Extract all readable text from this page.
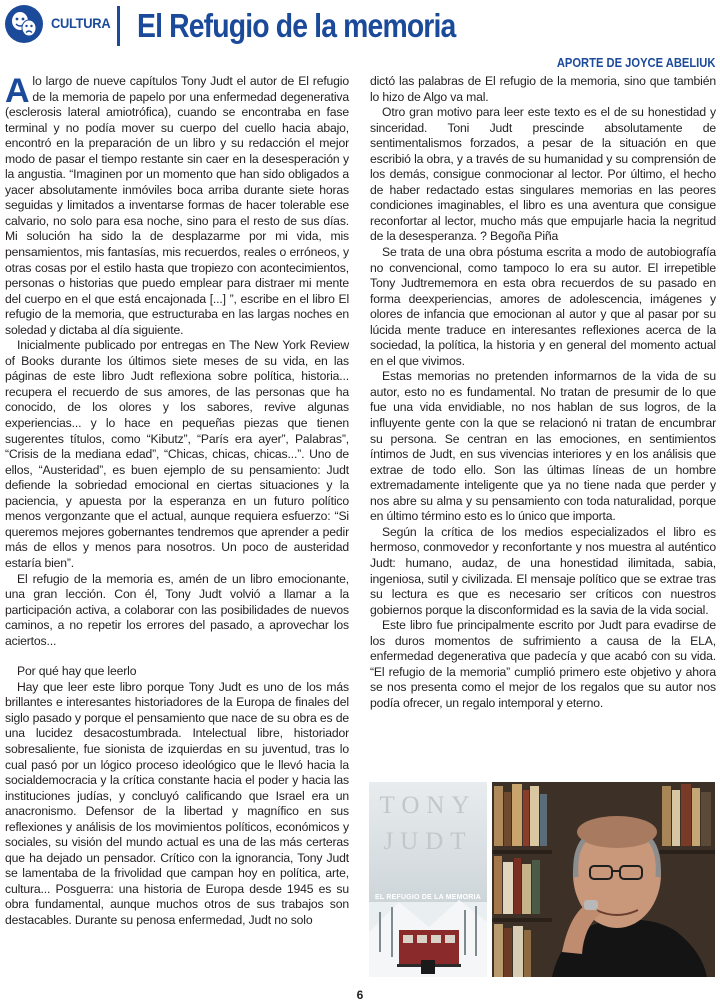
CULTURA El Refugio de la memoria
APORTE DE JOYCE ABELIUK

Alo largo de nueve capítulos Tony Judt el autor de El refugio de la memoria de papelo por una enfermedad degenerativa (esclerosis lateral amiotrófica), cuando se encontraba en fase terminal y no podía mover su cuerpo del cuello hacia abajo, encontró en la preparación de un libro y su redacción el mejor modo de pasar el tiempo restante sin caer en la desesperación y la angustia. “Imaginen por un momento que han sido obligados a yacer absolutamente inmóviles boca arriba durante siete horas seguidas y limitados a inventarse formas de hacer tolerable ese calvario, no solo para esa noche, sino para el resto de sus días. Mi solución ha sido la de desplazarme por mi vida, mis pensamientos, mis fantasías, mis recuerdos, reales o erróneos, y otras cosas por el estilo hasta que tropiezo con acontecimientos, personas o historias que puedo emplear para distraer mi mente del cuerpo en el que está encajonada [...] ”, escribe en el libro El refugio de la memoria, que estructuraba en las largas noches en soledad y dictaba al día siguiente.

Inicialmente publicado por entregas en The New York Review of Books durante los últimos siete meses de su vida, en las páginas de este libro Judt reflexiona sobre política, historia... recupera el recuerdo de sus amores, de las personas que ha conocido, de los olores y los sabores, revive algunas experiencias... y lo hace en pequeñas piezas que tienen sugerentes títulos, como “Kibutz”, “París era ayer”, Palabras”, “Crisis de la mediana edad”, “Chicas, chicas, chicas...”. Uno de ellos, “Austeridad”, es buen ejemplo de su pensamiento: Judt defiende la sobriedad emocional en ciertas situaciones y la paciencia, y apuesta por la esperanza en un futuro político menos vergonzante que el actual, aunque requiera esfuerzo: “Si queremos mejores gobernantes tendremos que aprender a pedir más de ellos y menos para nosotros. Un poco de austeridad estaría bien”.

El refugio de la memoria es, amén de un libro emocionante, una gran lección. Con él, Tony Judt volvió a llamar a la participación activa, a colaborar con las posibilidades de nuevos caminos, a no repetir los errores del pasado, a aprovechar los aciertos...

Por qué hay que leerlo

Hay que leer este libro porque Tony Judt es uno de los más brillantes e interesantes historiadores de la Europa de finales del siglo pasado y porque el pensamiento que nace de su obra es de una lucidez desacostumbrada. Intelectual libre, historiador sobresaliente, fue sionista de izquierdas en su juventud, tras lo cual pasó por un lógico proceso ideológico que le llevó hacia la socialdemocracia y la crítica constante hacia el poder y hacia las instituciones judías, y concluyó calificando que Israel era un anacronismo. Defensor de la libertad y magnífico en sus reflexiones y análisis de los movimientos políticos, económicos y sociales, su visión del mundo actual es una de las más certeras que ha dejado un pensador. Crítico con la ignorancia, Tony Judt se lamentaba de la frivolidad que campan hoy en política, arte, cultura... Posguerra: una historia de Europa desde 1945 es su obra fundamental, aunque muchos otros de sus trabajos son destacables. Durante su penosa enfermedad, Judt no solo

dictó las palabras de El refugio de la memoria, sino que también lo hizo de Algo va mal.

Otro gran motivo para leer este texto es el de su honestidad y sinceridad. Toni Judt prescinde absolutamente de sentimentalismos forzados, a pesar de la situación en que escribió la obra, y a través de su humanidad y su comprensión de los demás, consigue conmocionar al lector. Por último, el hecho de haber redactado estas singulares memorias en las peores condiciones imaginables, el libro es una aventura que consigue reconfortar al lector, mucho más que empujarle hacia la negritud de la desesperanza. ? Begoña Piña

Se trata de una obra póstuma escrita a modo de autobiografía no convencional, como tampoco lo era su autor. El irrepetible Tony Judtrememora en esta obra recuerdos de su pasado en forma deexperiencias, amores de adolescencia, imágenes y olores de infancia que emocionan al autor y que al pasar por su lúcida mente traduce en interesantes reflexiones acerca de la sociedad, la política, la historia y en general del momento actual en el que vivimos.

Estas memorias no pretenden informarnos de la vida de su autor, esto no es fundamental. No tratan de presumir de lo que fue una vida envidiable, no nos hablan de sus logros, de la influyente gente con la que se relacionó ni tratan de encumbrar su persona. Se centran en las emociones, en sentimientos íntimos de Judt, en sus vivencias interiores y en los análisis que extrae de todo ello. Son las últimas líneas de un hombre extremadamente inteligente que ya no tiene nada que perder y nos abre su alma y su pensamiento con toda naturalidad, porque en último término esto es lo único que importa.

Según la crítica de los medios especializados el libro es hermoso, conmovedor y reconfortante y nos muestra al auténtico Judt: humano, audaz, de una honestidad ilimitada, sabia, ingeniosa, sutil y civilizada. El mensaje político que se extrae tras su lectura es que es necesario ser críticos con nuestros gobiernos porque la disconformidad es la savia de la vida social.

Este libro fue principalmente escrito por Judt para evadirse de los duros momentos de sufrimiento a causa de la ELA, enfermedad degenerativa que padecía y que acabó con su vida. “El refugio de la memoria” cumplió primero este objetivo y ahora se nos presenta como el mejor de los regalos que su autor nos podía ofrecer, un regalo intemporal y eterno.

TONY
JUDT
EL REFUGIO DE LA MEMORIA
6
